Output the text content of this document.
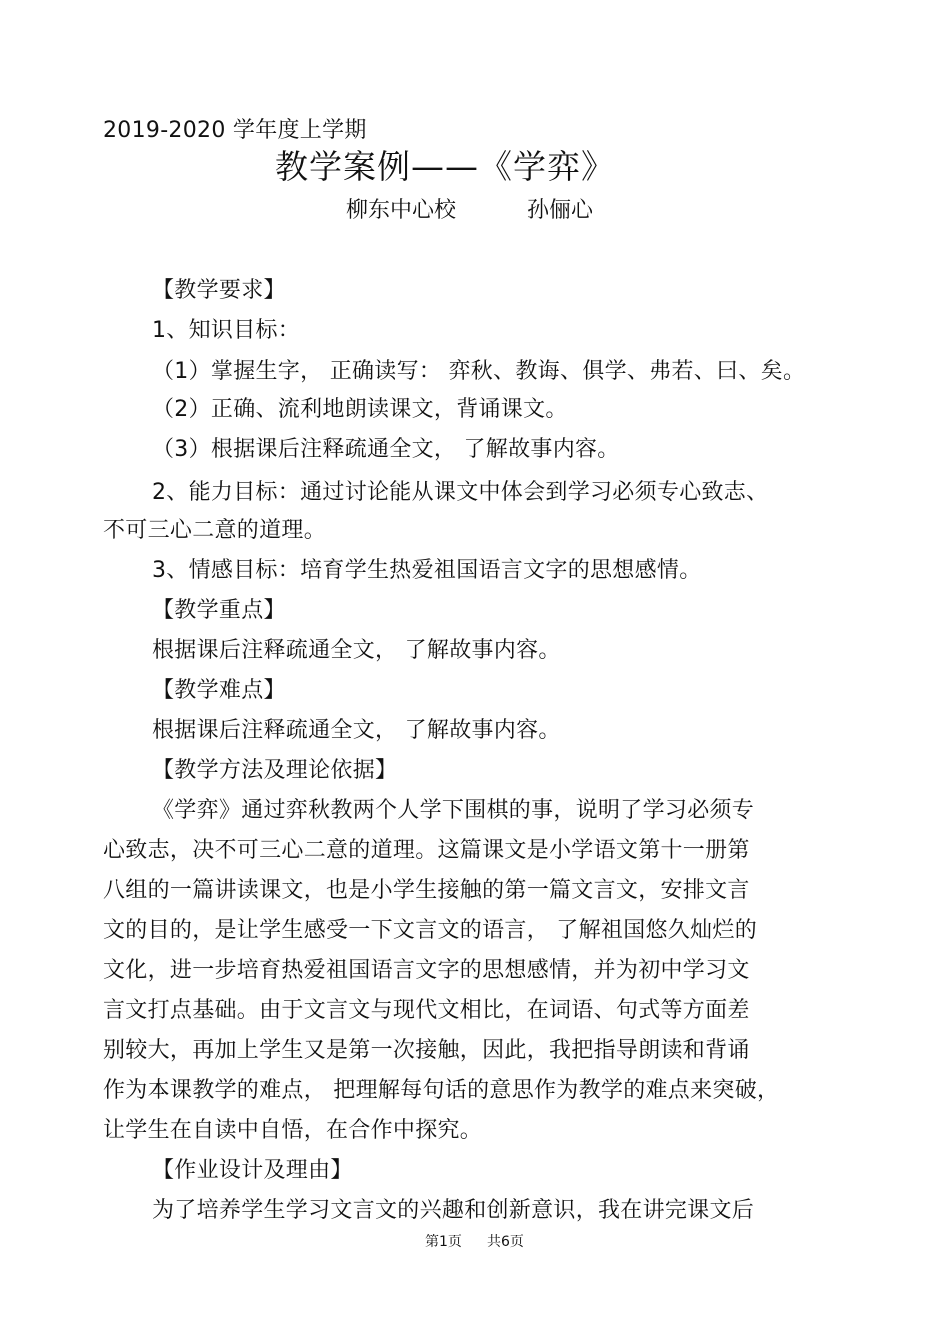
2019-2020 学年度上学期
教学案例——《学弈》
柳东中心校	孙俪心
【教学要求】
1、知识目标：
（1）掌握生字， 正确读写： 弈秋、教诲、俱学、弗若、曰、矣。
（2）正确、流利地朗读课文，背诵课文。
（3）根据课后注释疏通全文， 了解故事内容。
2、能力目标：通过讨论能从课文中体会到学习必须专心致志、
不可三心二意的道理。
3、情感目标：培育学生热爱祖国语言文字的思想感情。
【教学重点】
根据课后注释疏通全文， 了解故事内容。
【教学难点】
根据课后注释疏通全文， 了解故事内容。
【教学方法及理论依据】
《学弈》通过弈秋教两个人学下围棋的事，说明了学习必须专
心致志，决不可三心二意的道理。这篇课文是小学语文第十一册第
八组的一篇讲读课文，也是小学生接触的第一篇文言文，安排文言
文的目的，是让学生感受一下文言文的语言， 了解祖国悠久灿烂的
文化，进一步培育热爱祖国语言文字的思想感情，并为初中学习文
言文打点基础。由于文言文与现代文相比，在词语、句式等方面差
别较大，再加上学生又是第一次接触，因此，我把指导朗读和背诵
作为本课教学的难点， 把理解每句话的意思作为教学的难点来突破，
让学生在自读中自悟，在合作中探究。
【作业设计及理由】
为了培养学生学习文言文的兴趣和创新意识，我在讲完课文后
第1页 共6页
